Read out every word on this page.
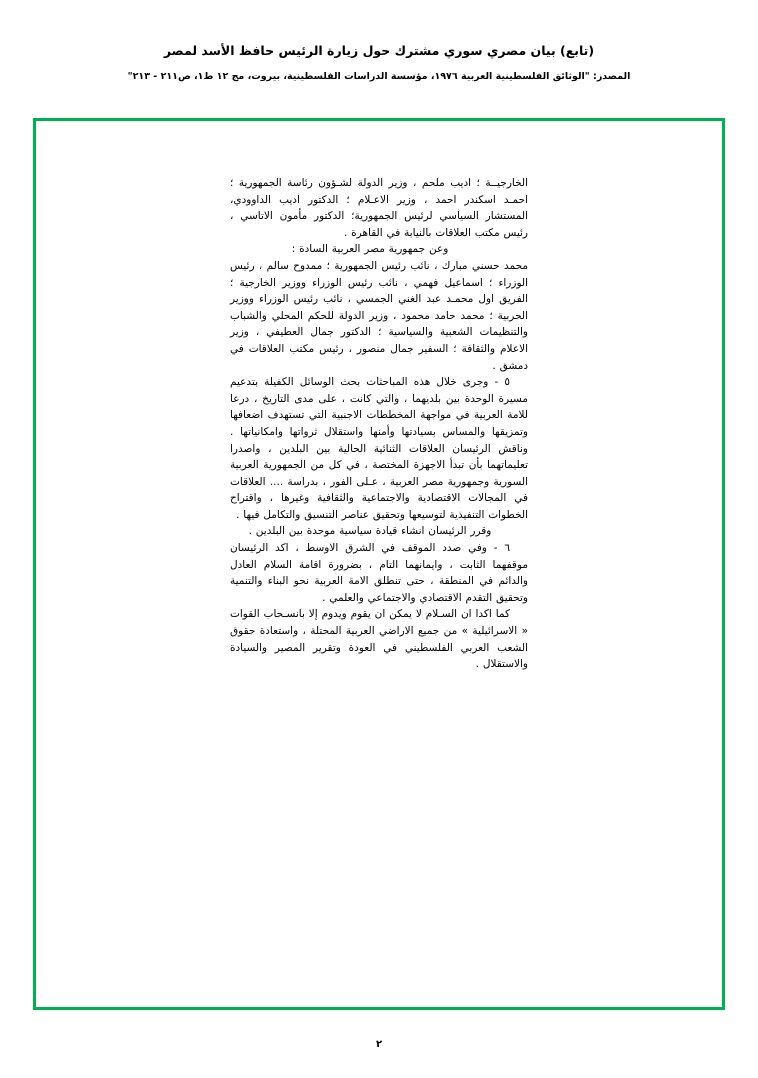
(تابع) بيان مصري سوري مشترك حول زيارة الرئيس حافظ الأسد لمصر
المصدر: "الوثائق الفلسطينية العربية ١٩٧٦، مؤسسة الدراسات الفلسطينية، بيروت، مج ١٢ ط١، ص٢١١ - ٢١٣"

الخارجيــة ؛ اديب ملحم ، وزير الدولة لشـؤون رئاسة الجمهورية ؛ احمـد اسكندر احمد ، وزير الاعـلام ؛ الدكتور اديب الداوودي، المستشار السياسي لرئيس الجمهورية؛ الدكتور مأمون الاتاسي ، رئيس مكتب العلاقات بالنيابة في القاهرة .

وعن جمهورية مصر العربية السادة :

محمد حسني مبارك ، نائب رئيس الجمهورية ؛ ممدوح سالم ، رئيس الوزراء ؛ اسماعيل فهمي ، نائب رئيس الوزراء ووزير الخارجية ؛ الفريق اول محمـد عبد الغني الجمسي ، نائب رئيس الوزراء ووزير الحربية ؛ محمد حامد محمود ، وزير الدولة للحكم المحلي والشباب والتنظيمات الشعبية والسياسية ؛ الدكتور جمال العطيفي ، وزير الاعلام والثقافة ؛ السفير جمال منصور ، رئيس مكتب العلاقات في دمشق .

٥ - وجرى خلال هذه المباحثات بحث الوسائل الكفيلة بتدعيم مسيرة الوحدة بين بلديهما ، والتي كانت ، على مدى التاريخ ، درعا للامة العربية في مواجهة المخططات الاجنبية التي تستهدف اضعافها وتمزيقها والمساس بسيادتها وأمنها واستقلال ثرواتها وامكانياتها . وناقش الرئيسان العلاقات الثنائية الحالية بين البلدين ، واصدرا تعليماتهما بأن تبدأ الاجهزة المختصة ، في كل من الجمهورية العربية السورية وجمهورية مصر العربية ، عـلى الفور ، بدراسة .... العلاقات في المجالات الاقتصادية والاجتماعية والثقافية وغيرها ، واقتراح الخطوات التنفيذية لتوسيعها وتحقيق عناصر التنسيق والتكامل فيها .

وقرر الرئيسان انشاء قيادة سياسية موحدة بين البلدين .

٦ - وفي صدد الموقف في الشرق الاوسط ، اكد الرئيسان موقفهما الثابت ، وايمانهما التام ، بضرورة اقامة السلام العادل والدائم في المنطقة ، حتى تنطلق الامة العربية نحو البناء والتنمية وتحقيق التقدم الاقتصادي والاجتماعي والعلمي .

كما اكدا ان السـلام لا يمكن ان يقوم ويدوم إلا بانسـحاب القوات « الاسرائيلية » من جميع الاراضي العربية المحتلة ، واستعادة حقوق الشعب العربي الفلسطيني في العودة وتقرير المصير والسيادة والاستقلال .

٢
